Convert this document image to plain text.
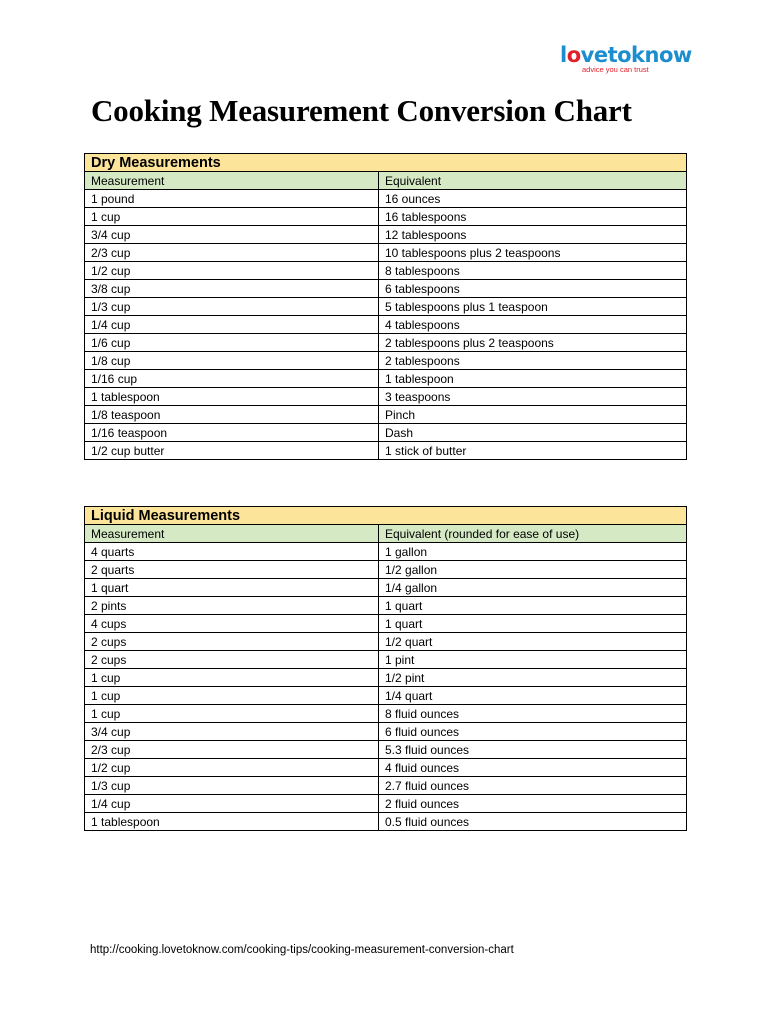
lovetoknow
advice you can trust
Cooking Measurement Conversion Chart
Dry Measurements	
Measurement	Equivalent
1 pound	16 ounces
1 cup	16 tablespoons
3/4 cup	12 tablespoons
2/3 cup	10 tablespoons plus 2 teaspoons
1/2 cup	8 tablespoons
3/8 cup	6 tablespoons
1/3 cup	5 tablespoons plus 1 teaspoon
1/4 cup	4 tablespoons
1/6 cup	2 tablespoons plus 2 teaspoons
1/8 cup	2 tablespoons
1/16 cup	1 tablespoon
1 tablespoon	3 teaspoons
1/8 teaspoon	Pinch
1/16 teaspoon	Dash
1/2 cup butter	1 stick of butter
Liquid Measurements	
Measurement	Equivalent (rounded for ease of use)
4 quarts	1 gallon
2 quarts	1/2 gallon
1 quart	1/4 gallon
2 pints	1 quart
4 cups	1 quart
2 cups	1/2 quart
2 cups	1 pint
1 cup	1/2 pint
1 cup	1/4 quart
1 cup	8 fluid ounces
3/4 cup	6 fluid ounces
2/3 cup	5.3 fluid ounces
1/2 cup	4 fluid ounces
1/3 cup	2.7 fluid ounces
1/4 cup	2 fluid ounces
1 tablespoon	0.5 fluid ounces
http://cooking.lovetoknow.com/cooking-tips/cooking-measurement-conversion-chart
